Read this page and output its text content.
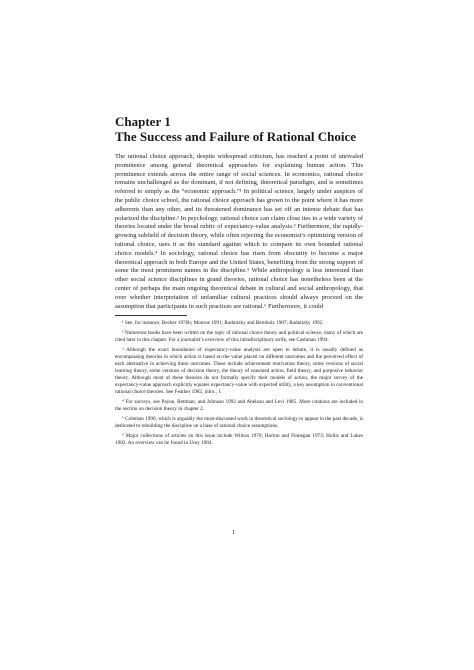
Chapter 1
The Success and Failure of Rational Choice

The rational choice approach, despite widespread criticism, has reached a point of unrivaled prominence among general theoretical approaches for explaining human action. This prominence extends across the entire range of social sciences. In economics, rational choice remains unchallenged as the dominant, if not defining, theoretical paradigm, and is sometimes referred to simply as the “economic approach.”¹ In political science, largely under auspices of the public choice school, the rational choice approach has grown to the point where it has more adherents than any other, and its threatened dominance has set off an intense debate that has polarized the discipline.² In psychology, rational choice can claim close ties to a wide variety of theories located under the broad rubric of expectancy-value analysis.³ Furthermore, the rapidly-growing subfield of decision theory, while often rejecting the economist’s optimizing version of rational choice, uses it as the standard against which to compare its own bounded rational choice models.⁴ In sociology, rational choice has risen from obscurity to become a major theoretical approach in both Europe and the United States, benefiting from the strong support of some the most prominent names in the discipline.⁵ While anthropology is less interested than other social science disciplines in grand theories, rational choice has nonetheless been at the center of perhaps the main ongoing theoretical debate in cultural and social anthropology, that over whether interpretation of unfamiliar cultural practices should always proceed on the assumption that participants in such practices are rational.⁶ Furthermore, it could

¹ See, for instance, Becker 1976b; Monroe 1991; Radnitzky and Bernholz 1987; Radnitzky 1992.

² Numerous books have been written on the topic of rational choice theory and political science, many of which are cited later in this chapter. For a journalist’s overview of this intradisciplinary strife, see Cashman 1994.

³ Although the exact boundaries of expectancy-value analysis are open to debate, it is usually defined as encompassing theories in which action is based on the value placed on different outcomes and the perceived effect of each alternative in achieving these outcomes. These include achievement motivation theory, some versions of social learning theory, some versions of decision theory, the theory of reasoned action, field theory, and purposive behavior theory. Although most of these theories do not formally specify their models of action, the major survey of the expectancy-value approach explicitly equates expectancy-value with expected utility, a key assumption in conventional rational choice theories. See Feather 1982, intro., 1.

⁴ For surveys, see Payne, Bettman, and Johnson 1992 and Abelson and Levi 1985. More citations are included in the section on decision theory in chapter 2.

⁵ Coleman 1990, which is arguably the most-discussed work in theoretical sociology to appear in the past decade, is dedicated to rebuilding the discipline on a base of rational choice assumptions.

⁶ Major collections of articles on this issue include Wilson 1970; Horton and Finnegan 1973; Hollis and Lukes 1982. An overview can be found in Urey 1984.

1
